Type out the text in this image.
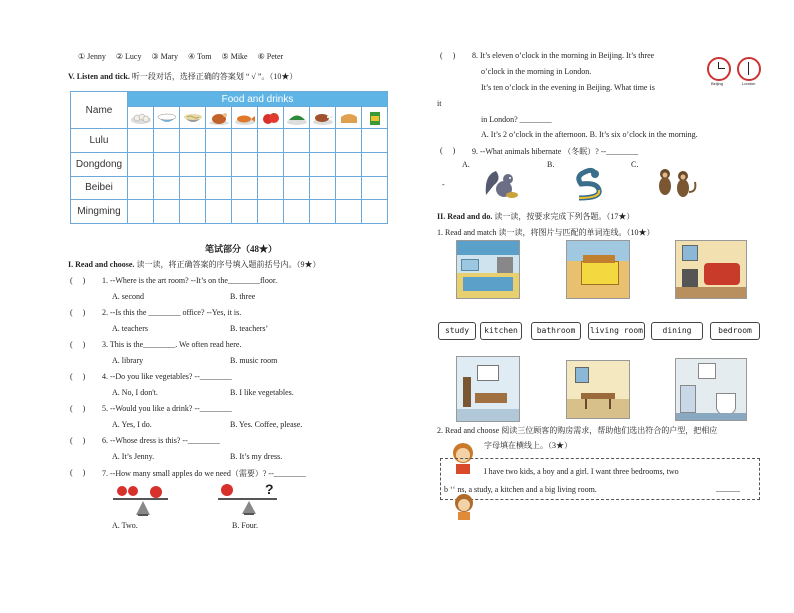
① Jenny ② Lucy ③ Mary ④ Tom ⑤ Mike ⑥ Peter
V. Listen and tick. 听一段对话，选择正确的答案划 “ √ ”。（10★）
Name	Food and drinks									

Lulu										
Dongdong										
Beibei										
Mingming										
笔试部分（48★）
I. Read and choose. 读一读，将正确答案的序号填入题前括号内。（9★）
( ) 1. --Where is the art room? --It’s on the________floor.
A. second	B. three
( ) 2. --Is this the ________ office? --Yes, it is.
A. teachers	B. teachers’
( ) 3. This is the________. We often read here.
A. library	B. music room
( ) 4. --Do you like vegetables? --________
A. No, I don't.	B. I like vegetables.
( ) 5. --Would you like a drink? --________
A. Yes, I do.	B. Yes. Coffee, please.
( ) 6. --Whose dress is this? --________
A. It’s Jenny.	B. It’s my dress.
( ) 7. --How many small apples do we need（需要）? --________
?
A. Two.	B. Four.
( ) 8. It’s eleven o’clock in the morning in Beijing. It’s three
o’clock in the morning in London.
It’s ten o’clock in the evening in Beijing. What time is
it
in London? ________
A. It’s 2 o’clock in the afternoon. B. It’s six o’clock in the morning.
Beijing	London
( ) 9. --What animals hibernate （冬眠）? --________
A.	B.	C.
-
II. Read and do. 读一读，按要求完成下列各题。（17★）
1. Read and match 读一读，将图片与匹配的单词连线。（10★）
study	kitchen	bathroom	living room	dining	bedroom
2. Read and choose 阅读三位顾客的购房需求，帮助他们选出符合的户型，把相应
字母填在横线上。（3★）
I have two kids, a boy and a girl. I want three bedrooms, two
b ʻʻ ns, a study, a kitchen and a big living room.	______
